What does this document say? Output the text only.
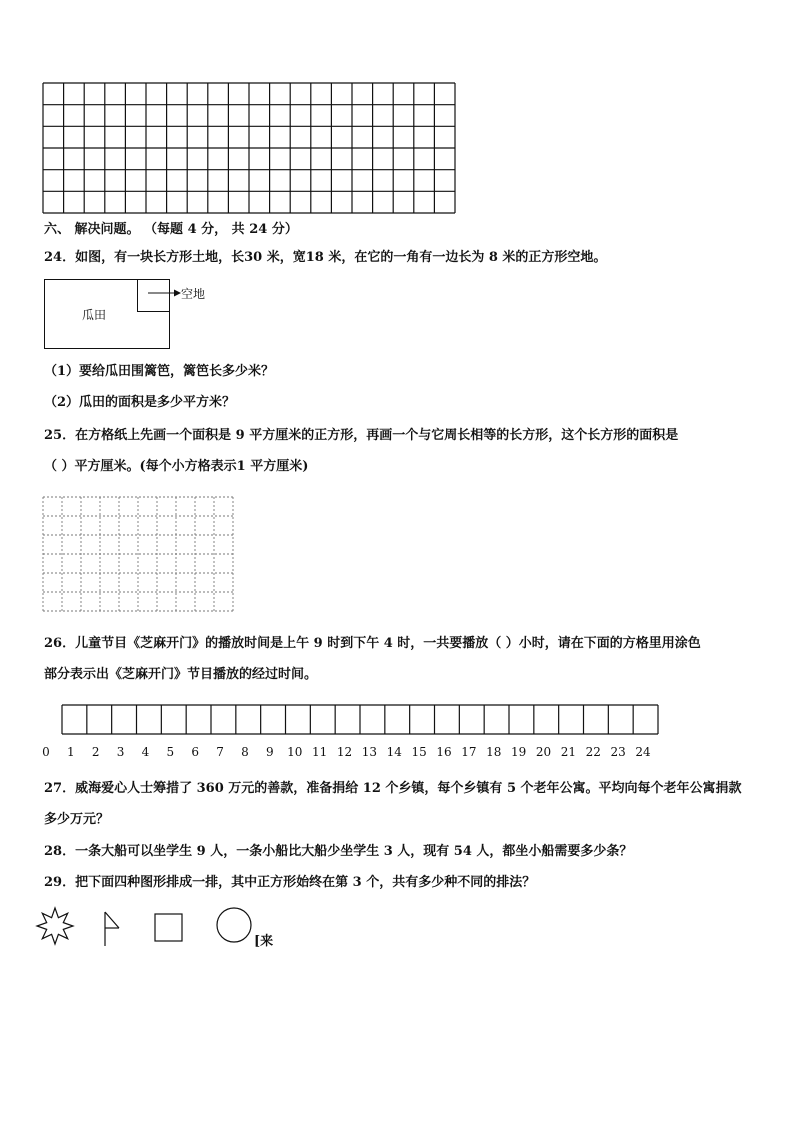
六、 解决问题。 （每题 4 分， 共 24 分）
24．如图，有一块长方形土地，长30 米，宽18 米，在它的一角有一边长为 8 米的正方形空地。
瓜田
空地
（1）要给瓜田围篱笆，篱笆长多少米？
（2）瓜田的面积是多少平方米？
25．在方格纸上先画一个面积是 9 平方厘米的正方形，再画一个与它周长相等的长方形，这个长方形的面积是
（ ）平方厘米。(每个小方格表示1 平方厘米)
26．儿童节目《芝麻开门》的播放时间是上午 9 时到下午 4 时，一共要播放（ ）小时，请在下面的方格里用涂色
部分表示出《芝麻开门》节目播放的经过时间。
0	1	2	3	4	5	6	7	8	9	10 11 12 13 14 15 16 17 18 19 20 21 22 23 24
27．威海爱心人士筹措了 360 万元的善款，准备捐给 12 个乡镇，每个乡镇有 5 个老年公寓。平均向每个老年公寓捐款
多少万元？
28．一条大船可以坐学生 9 人，一条小船比大船少坐学生 3 人，现有 54 人，都坐小船需要多少条？
29．把下面四种图形排成一排，其中正方形始终在第 3 个，共有多少种不同的排法？
[来
